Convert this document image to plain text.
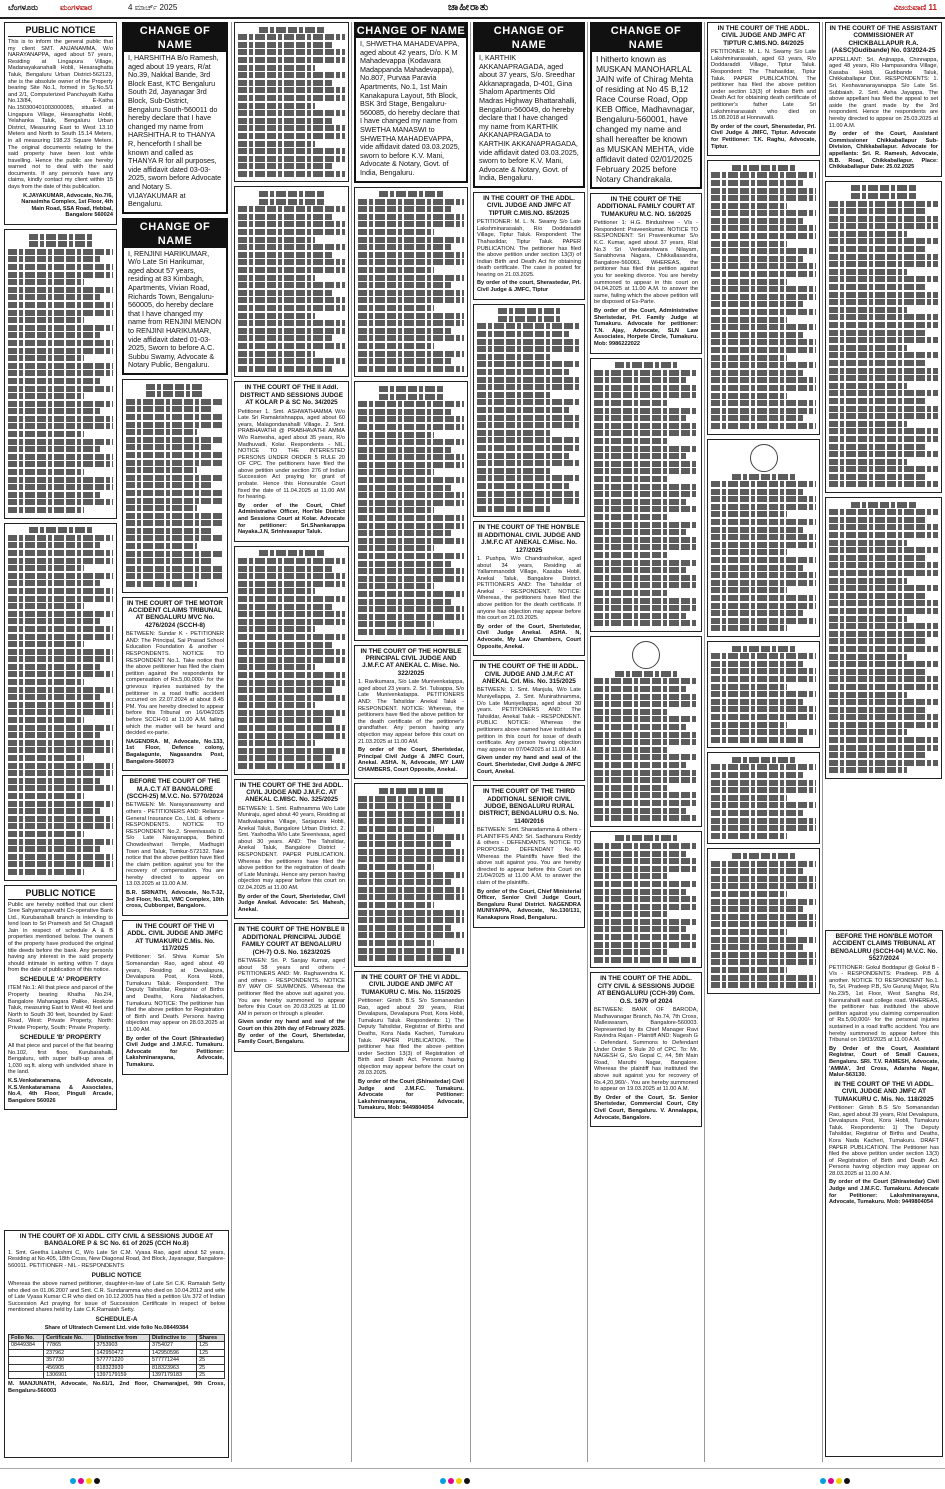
ಬೆಂಗಳೂರು	ಮಂಗಳವಾರ	4 ಮಾರ್ಚ್ 2025	ಜಾಹೀರಾತು	ವಿಜಯವಾಣಿ 11
PUBLIC NOTICE

This is to inform the general public that my client SMT. ANJANAMMA, W/o NARAYANAPPA, aged about 57 years, Residing at Lingapura Village, Madanayakanahalli Hobli, Hesaraghatta Taluk, Bengaluru Urban District-562123, she is the absolute owner of the Property bearing Site No.1, formed in Sy.No.5/1 and 2/1, Computerized Panchayath Katha No.13/84, E-Katha No.150300401003000085, situated at Lingapura Village, Hesaraghatta Hobli, Yelahanka Taluk, Bengaluru Urban District, Measuring East to West 13.10 Meters and North to South 15.14 Meters, in all measuring 198.23 Square Meters. The original documents relating to the said property have been lost while travelling. Hence the public are hereby warned not to deal with the said documents. If any person/s have any claims, kindly contact my client within 15 days from the date of this publication.

K.JAYAKUMAR, Advocate, No.7/6, Narasimha Complex, 1st Floor, 4th Main Road, SSA Road, Hebbal, Bangalore 560024

PUBLIC NOTICE

Public are hereby notified that our client Sree Sahyamaparvathi Co-operative Bank Ltd., Kurubarahalli branch is intending to lend loan to Sri Pramesh and Sri Chagadi Jain in respect of schedule A & B properties mentioned below. The owners of the property have produced the original title deeds before the bank. Any person/s having any interest in the said property should intimate in writing within 7 days from the date of publication of this notice.

SCHEDULE 'A' PROPERTY

ITEM No.1: All that piece and parcel of the Property bearing Khatha No.2/4, Bangalore Mahanagara Palike, Hoskote Taluk, measuring East to West 40 feet and North to South 30 feet, bounded by East: Road, West: Private Property, North: Private Property, South: Private Property.

SCHEDULE 'B' PROPERTY

All that piece and parcel of the flat bearing No.102, first floor, Kurubarahalli, Bengaluru, with super built-up area of 1,030 sq.ft. along with undivided share in the land.

K.S.Venkataramana, Advocate, K.S.Venkataramana & Associates, No.4, 4th Floor, Pinguli Arcade, Bangalore 560026

IN THE COURT OF XI ADDL. CITY CIVIL & SESSIONS JUDGE AT BANGALORE P & SC No. 61 of 2025 (CCH No.8)

1. Smt. Geetha Lakshmi C, W/o Late Sri C.M. Vyasa Rao, aged about 52 years, Residing at No.405, 18th Cross, New Diagonal Road, 3rd Block, Jayanagar, Bangalore-560011. PETITIONER - NIL - RESPONDENTS

PUBLIC NOTICE

Whereas the above named petitioner, daughter-in-law of Late Sri C.K. Ramaiah Setty who died on 01.06.2007 and Smt. C.R. Sundaramma who died on 10.04.2012 and wife of Late Vyasa Kumar C.R who died on 10.12.2005 has filed a petition U/s 372 of Indian Succession Act praying for issue of Succession Certificate in respect of below mentioned shares held by Late C.K.Ramaiah Setty.

SCHEDULE-A

Share of Ultratech Cement Ltd. vide folio No.08449384

Folio No.	Certificate No.	Distinctive from	Distinctive to	Shares
08449384	77865	3753903	3754027	125
	237962	142950472	142950596	125
	357730	577771220	577771244	25
	456905	818323939	818323963	25
	1306901	1397179159	1397179183	25

M. MANJUNATH, Advocate, No.61/1, 2nd floor, Chamarajpet, 9th Cross, Bengaluru-560003

CHANGE OF NAME

I, HARSHITHA B/o Ramesh, aged about 19 years, R/at No.39, Nakkal Bande, 3rd Block East, KTC Bengaluru South 2d, Jayanagar 3rd Block, Sub-District, Bengaluru South-560011 do hereby declare that I have changed my name from HARSHITHA.R to THANYA R, henceforth I shall be known and called as THANYA R for all purposes, vide affidavit dated 03-03-2025, sworn before Advocate and Notary S. VIJAYAKUMAR at Bengaluru.

CHANGE OF NAME

I, RENJINI HARIKUMAR, W/o Late Sri Harikumar, aged about 57 years, residing at 83 Kirnbagh, Apartments, Vivian Road, Richards Town, Bengaluru-560005, do hereby declare that I have changed my name from RENJINI MENON to RENJINI HARIKUMAR, vide affidavit dated 01-03-2025, Sworn to before A.C. Subbu Swamy, Advocate & Notary Public, Bengaluru.

IN THE COURT OF THE MOTOR ACCIDENT CLAIMS TRIBUNAL AT BENGALURU MVC No. 4276/2024 (SCCH-8)

BETWEEN: Sundar K - PETITIONER AND: The Principal, Sai Prasad School Education Foundation & another - RESPONDENTS. NOTICE TO RESPONDENT No.1. Take notice that the above petitioner has filed the claim petition against the respondents for compensation of Rs.5,00,000/- for the grievous injuries sustained by the petitioner in a road traffic accident occurred on 22.07.2024 at about 8.45 PM. You are hereby directed to appear before this Tribunal on 16/04/2025 before SCCH-01 at 11.00 A.M. failing which the matter will be heard and decided ex-parte.

NAGENDRA. M, Advocate, No.133, 1st Floor, Defence colony, Bagalagunte, Nagasandra Post, Bangalore-560073

BEFORE THE COURT OF THE M.A.C.T AT BANGALORE (SCCH-25) M.V.C. No. 5770/2024

BETWEEN: Mr. Narayanaswamy and others - PETITIONERS AND: Reliance General Insurance Co., Ltd. & others - RESPONDENTS. NOTICE TO RESPONDENT No.2. Sreenivasalu D. S/o Late Narayanappa, Behind Chowdeshwari Temple, Madhugiri Town and Taluk, Tumkur-572132. Take notice that the above petition have filed the claim petition against you for the recovery of compensation. You are hereby directed to appear on 13.03.2025 at 11.00 A.M.

B.R. SRINATH, Advocate, No.T-32, 3rd Floor, No.11, VMC Complex, 10th cross, Cubbonpet, Bangalore.

IN THE COURT OF THE VI ADDL. CIVIL JUDGE AND JMFC AT TUMAKURU C.Mis. No. 117/2025

Petitioner: Sri. Shiva Kumar S/o Somanandan Rao, aged about 49 years, Residing at Devalapura, Devalapura Post, Kora Hobli, Tumakuru Taluk. Respondent: The Deputy Tahsildar, Registrar of Births and Deaths, Kora Nadakacheri, Tumakuru. NOTICE: The petitioner has filed the above petition for Registration of Birth and Death. Persons having objection may appear on 28.03.2025 at 11.00 AM.

By order of the Court (Shirastedar) Civil Judge and J.M.F.C. Tumakuru. Advocate for Petitioner: Lakshminarayana, Advocate, Tumakuru.

IN THE COURT OF THE II Addl. DISTRICT AND SESSIONS JUDGE AT KOLAR P & SC No. 34/2025

Petitioner 1. Smt. ASHWATHAMMA W/o Late Sri Ramakrishnappa, aged about 60 years, Malagondanahalli Village. 2. Smt. PRABHAVATHI @ PRABHAVATHI AMMA W/o Ramesha, aged about 35 years, R/o Madhuvadi, Kolar. Respondents - NIL. NOTICE TO THE INTERESTED PERSONS UNDER ORDER 5 RULE 20 OF CPC. The petitioners have filed the above petition under section 276 of Indian Succession Act praying for grant of probate. Hence this Honourable Court fixed the date of 11.04.2025 at 11.00 AM for hearing.

By order of the Court, Chief Administrative Officer, Hon'ble District and Sessions Court at Kolar. Advocate for petitioner: Sri.Shankarappa Nayaka.J.N, Srinivasapur Taluk.

IN THE COURT OF THE 3rd ADDL. CIVIL JUDGE AND J.M.F.C. AT ANEKAL C.MISC. No. 325/2025

BETWEEN: 1. Smt. Rathnamma W/o Late Muniraju, aged about 40 years, Residing at Madivalapatna Village, Sarjapura Hobli, Anekal Taluk, Bangalore Urban District. 2. Smt. Yashodha W/o Late Sreenivasa, aged about 30 years. AND: The Tahsildar, Anekal Taluk, Bangalore District - RESPONDENT. PAPER PUBLICATION. Whereas the petitioners have filed the above petition for the registration of death of Late Muniraju. Hence any person having objection may appear before this court on 02.04.2025 at 11.00 AM.

By order of the Court, Sheristedar, Civil Judge Anekal. Advocate: Sri. Mahesh, Anekal.

IN THE COURT OF THE HON'BLE II ADDITIONAL PRINCIPAL JUDGE FAMILY COURT AT BENGALURU (CH-7) O.S. No. 1623/2025

BETWEEN: Sri. P. Sanjay Kumar, aged about 58 years and others - PETITIONERS AND: Mr. Raghavendra K. and others - RESPONDENTS. NOTICE BY WAY OF SUMMONS. Whereas the petitioner filed the above suit against you. You are hereby summoned to appear before this Court on 20.03.2025 at 11.00 AM in person or through a pleader.

Given under my hand and seal of the Court on this 20th day of February 2025. By order of the Court, Sheristedar, Family Court, Bengaluru.

CHANGE OF NAME

I, SHWETHA MAHADEVAPPA, aged about 42 years, D/o. K M Mahadevappa (Kodavara Madappanda Mahadevappa), No.807, Purvaa Paravia Apartments, No.1, 1st Main Kanakapura Layout, 5th Block, BSK 3rd Stage, Bengaluru-560085, do hereby declare that I have changed my name from SWETHA MANASWI to SHWETHA MAHADEVAPPA, vide affidavit dated 03.03.2025, sworn to before K.V. Mani, Advocate & Notary, Govt. of India, Bengaluru.

IN THE COURT OF THE HON'BLE PRINCIPAL CIVIL JUDGE AND J.M.F.C AT ANEKAL C. Misc. No. 322/2025

1. Ravikumara, S/o Late Munivenkatappa, aged about 23 years. 2. Sri. Tulsappa, S/o Late Munivenkatappa. PETITIONERS AND: The Tahsildar Anekal Taluk - RESPONDENT. NOTICE: Whereas, the petitioners have filed the above petition for the death certificate of the petitioner's grandfather. Any person having any objection may appear before this court on 21.03.2025 at 11.00 AM.

By order of the Court, Sheristedar, Principal Civil Judge & JMFC Court, Anekal. ASHA. N, Advocate, MY LAW CHAMBERS, Court Opposite, Anekal.

IN THE COURT OF THE VI ADDL. CIVIL JUDGE AND JMFC AT TUMAKURU C. Mis. No. 115/2025

Petitioner: Girish B.S S/o Somanandan Rao, aged about 39 years, R/at Devalapura, Devalapura Post, Kora Hobli, Tumakuru Taluk. Respondents: 1) The Deputy Tahsildar, Registrar of Births and Deaths, Kora Nada Kacheri, Tumakuru Taluk. PAPER PUBLICATION. The petitioner has filed the above petition under Section 13(3) of Registration of Birth and Death Act. Persons having objection may appear before the court on 28.03.2025.

By order of the Court (Shirastedar) Civil Judge and J.M.F.C. Tumakuru. Advocate for Petitioner: Lakshminarayana, Advocate, Tumakuru, Mob: 9449804054

CHANGE OF NAME

I, KARTHIK AKKANAPRAGADA, aged about 37 years, S/o. Sreedhar Akkanapragada, D-401, Gina Shalom Apartments Old Madras Highway Bhattarahalli, Bengaluru-560049, do hereby declare that I have changed my name from KARTHIK AKKANAPRAGADA to KARTHIK AKKANAPRAGADA, vide affidavit dated 03.03.2025, sworn to before K.V. Mani, Advocate & Notary, Govt. of India, Bengaluru.

IN THE COURT OF THE ADDL. CIVIL JUDGE AND JMFC AT TIPTUR C.MIS.NO. 85/2025

PETITIONER: M. L. N. Swamy S/o Late Lakshminarasaiah, R/o Doddaraddi Village, Tiptur Taluk. Respondent: The Thahasildar, Tiptur Taluk. PAPER PUBLICATION. The petitioner has filed the above petition under section 13(3) of Indian Birth and Death Act for obtaining death certificate. The case is posted for hearing on 21.03.2025.

By order of the court, Sherastedar, Prl. Civil Judge & JMFC, Tiptur

IN THE COURT OF THE HON'BLE III ADDITIONAL CIVIL JUDGE AND J.M.F.C AT ANEKAL C.Misc. No. 127/2025

1. Pushpa, W/o Chandrashekar, aged about 34 years, Residing at Yallammanoddi Village, Kasaba Hobli, Anekal Taluk, Bangalore District. PETITIONERS AND: The Tahsildar of Anekal - RESPONDENT. NOTICE: Whereas, the petitioners have filed the above petition for the death certificate. If anyone has objection may appear before this court on 21.03.2025.

By order of the Court, Sheristedar, Civil Judge Anekal. ASHA. N, Advocate, My Law Chambers, Court Opposite, Anekal.

IN THE COURT OF THE III ADDL. CIVIL JUDGE AND J.M.F.C AT ANEKAL Crl. Mis. No. 315/2025

BETWEEN: 1. Smt. Manjula, W/o Late Muniyellappa, 2. Smt. Munirathnamma, D/o Late Muniyellappa, aged about 30 years. PETITIONERS AND: The Tahsildar, Anekal Taluk - RESPONDENT. PUBLIC NOTICE: Whereas the petitioners above named have instituted a petition in this court for issue of death certificate. Any person having objection may appear on 07/04/2025 at 11.00 A.M.

Given under my hand and seal of the Court. Sheristedar, Civil Judge & JMFC Court, Anekal.

IN THE COURT OF THE THIRD ADDITIONAL SENIOR CIVIL JUDGE, BENGALURU RURAL DISTRICT, BENGALURU O.S. No. 1140/2016

BETWEEN: Smt. Sharadamma & others - PLAINTIFFS AND: Sri. Sadhanura Reddy & others - DEFENDANTS. NOTICE TO PROPOSED DEFENDANT No.40. Whereas the Plaintiffs have filed the above suit against you. You are hereby directed to appear before this Court on 21/04/2025 at 11.00 A.M. to answer the claim of the plaintiffs.

By order of the Court, Chief Ministerial Officer, Senior Civil Judge Court, Bengaluru Rural District. NAGENDRA MUNIYAPPA, Advocate, No.130/131, Kanakapura Road, Bengaluru.

CHANGE OF NAME

I hitherto known as MUSKAN MANOHARLAL JAIN wife of Chirag Mehta of residing at No 45 B,12 Race Course Road, Opp KEB Office, Madhavnagar, Bengaluru-560001, have changed my name and shall hereafter be known as MUSKAN MEHTA, vide affidavit dated 02/01/2025 February 2025 before Notary Chandrakala.

IN THE COURT OF THE ADDITIONAL FAMILY COURT AT TUMAKURU M.C. NO. 16/2025

Petitioner 1: H.G. Bindushree - V/s - Respondent: Praveenkumar. NOTICE TO RESPONDENT: Sri Praveenkumar S/o K.C. Kumar, aged about 37 years, R/at No.3 Sri Venkateshwara Nilayam, Sanabhovna Nagara, Chikkallasandra, Bangalore-560061. WHEREAS, the petitioner has filed this petition against you for seeking divorce. You are hereby summoned to appear in this court on 04.04.2025 at 11.00 A.M. to answer the same, failing which the above petition will be disposed of Ex-Parte.

By order of the Court, Administrative Sheristedar, Prl. Family Judge at Tumakuru. Advocate for petitioner: T.N. Ajay, Advocate, SLN Law Associates, Horpete Circle, Tumakuru. Mob: 9986222022

IN THE COURT OF THE ADDL. CITY CIVIL & SESSIONS JUDGE AT BENGALURU (CCH-39) Com. O.S. 1679 of 2024

BETWEEN: BANK OF BARODA, Madhavanagar Branch, No.74, 7th Cross, Malleswaram, Bangalore-560003. Represented by its Chief Manager Ravi Ravindra Rajan - Plaintiff AND: Nagesh G - Defendant. Summons to Defendant Under Order 5 Rule 20 of CPC. To: Mr. NAGESH G, S/o Gopal C, #4, 5th Main Road, Maruthi Nagar, Bangalore. Whereas the plaintiff has instituted the above suit against you for recovery of Rs.4,20,960/-. You are hereby summoned to appear on 19.03.2025 at 11.00 A.M.

By Order of the Court, Sr. Senior Sheristedar, Commercial Court, City Civil Court, Bengaluru. V. Annalappa, Advocate, Bangalore.

IN THE COURT OF THE ADDL. CIVIL JUDGE AND JMFC AT TIPTUR C.MIS.NO. 84/2025

PETITIONER: M. L. N. Swamy S/o Late Lakshminarasaiah, aged 63 years, R/o Doddaraddi Village, Tiptur Taluk. Respondent: The Thahasildar, Tiptur Taluk. PAPER PUBLICATION. The petitioner has filed the above petition under section 13(3) of Indian Birth and Death Act for obtaining death certificate of petitioner's father Late Sri Lakshminarasaiah who died on 15.08.2018 at Honnavalli.

By order of the court, Sherastedar, Prl. Civil Judge & JMFC, Tiptur. Advocate for Petitioner: T.K. Raghu, Advocate, Tiptur.

IN THE COURT OF THE ASSISTANT COMMISSIONER AT CHICKBALLAPUR R.A.(A&SC)Gudibande) No. 03/2024-25

APPELLANT: Sri. Anjinappa, Chinnappa, aged 48 years, R/o Hampasandra Village, Kasaba Hobli, Gudibande Taluk, Chikkaballapur Dist. RESPONDENTS: 1. Sri. Keshavanarayanappa S/o Late Sri. Subbaiah. 2. Smt. Asha Jayappa. The above appellant has filed the appeal to set aside the grant made by the 3rd respondent. Hence the respondents are hereby directed to appear on 25.03.2025 at 11.00 A.M.

By order of the Court, Assistant Commissioner Chikkaballapur Sub-Division, Chikkaballapur. Advocate for appellants: Sri. R. Ramesh, Advocate, B.B. Road, Chikkaballapur. Place: Chikkaballapur Date: 25.02.2025

BEFORE THE HON'BLE MOTOR ACCIDENT CLAIMS TRIBUNAL AT BENGALURU (SCCH-04) M.V.C. No. 5527/2024

PETITIONER: Gokul Boddapur @ Gokul B - V/s - RESPONDENTS: Pradeep. P.B & another. NOTICE TO RESPONDENT No.1. To, Sri. Pradeep P.B, S/o Gururaj Major, R/a No.23/5, 1st Floor, West Sangha Rd, Kannurahalli east college road. WHEREAS, the petitioner has instituted the above petition against you claiming compensation of Rs.5,00,000/- for the personal injuries sustained in a road traffic accident. You are hereby summoned to appear before this Tribunal on 19/03/2025 at 11.00 A.M.

By Order of the Court, Assistant Registrar, Court of Small Causes, Bengaluru. SRI. T.V. RAMESH, Advocate, 'AMMA', 3rd Cross, Adarsha Nagar, Malur-563130.

IN THE COURT OF THE VI ADDL. CIVIL JUDGE AND JMFC AT TUMAKURU C. Mis. No. 118/2025

Petitioner: Girish B.S S/o Somanandan Rao, aged about 39 years, R/at Devalapura, Devalapura Post, Kora Hobli, Tumakuru Taluk. Respondents: 1) The Deputy Tahsildar, Registrar of Births and Deaths, Kora Nada Kacheri, Tumakuru. DRAFT PAPER PUBLICATION. The Petitioner has filed the above petition under section 13(3) of Registration of Birth and Death Act. Persons having objection may appear on 28.03.2025 at 11.00 A.M.

By order of the Court (Shirastedar) Civil Judge and J.M.F.C. Tumakuru. Advocate for Petitioner: Lakshminarayana, Advocate, Tumakuru. Mob: 9449804054
